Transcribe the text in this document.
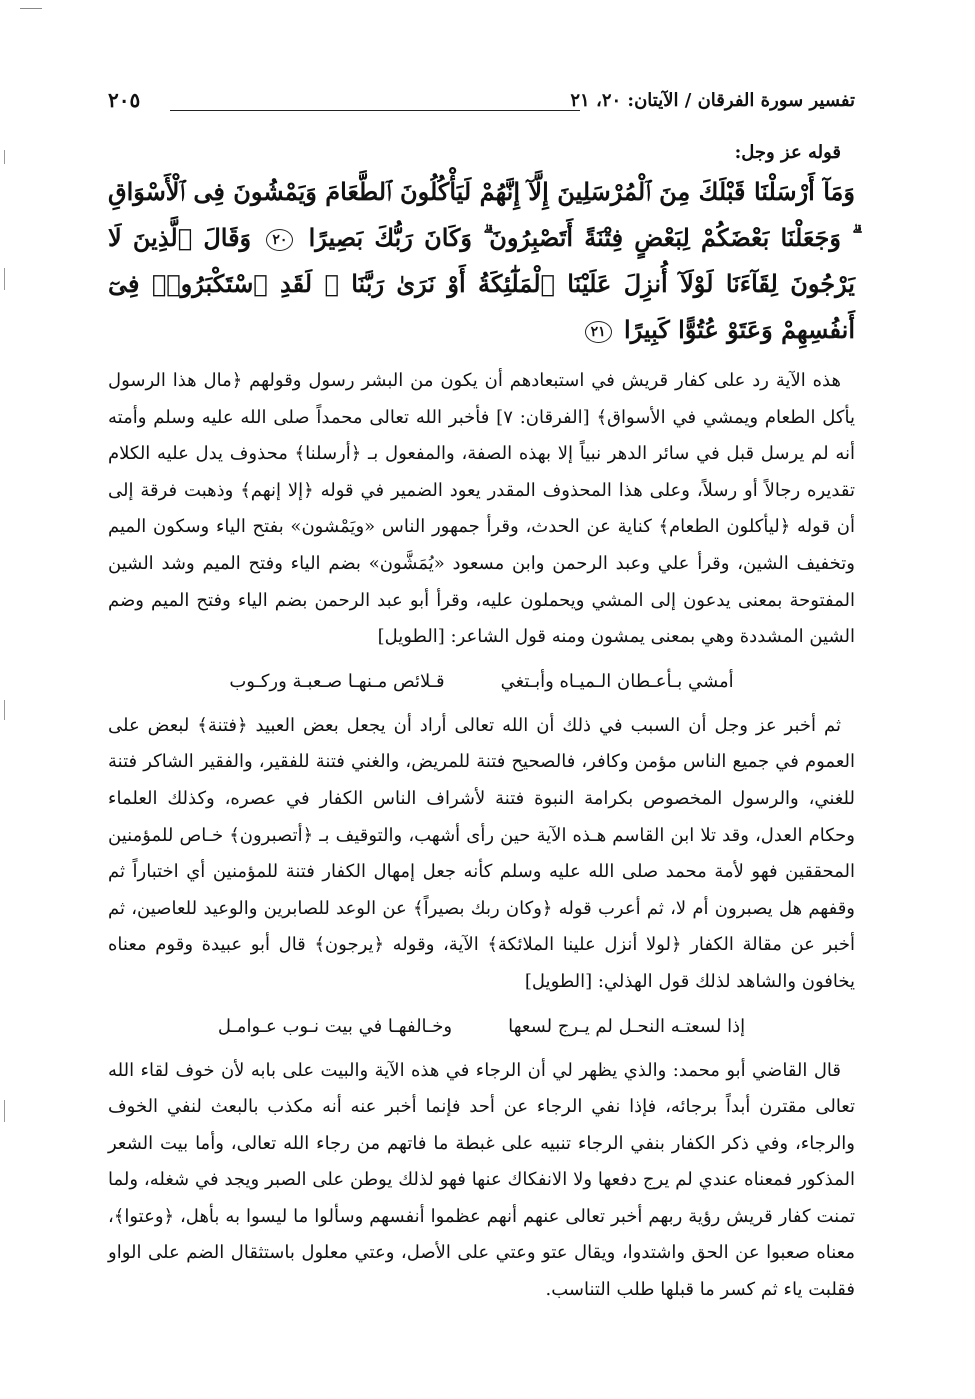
تفسير سورة الفرقان / الآيتان: ٢٠، ٢١
٢٠٥

قوله عز وجل:

وَمَآ أَرْسَلْنَا قَبْلَكَ مِنَ ٱلْمُرْسَلِينَ إِلَّآ إِنَّهُمْ لَيَأْكُلُونَ ٱلطَّعَامَ وَيَمْشُونَ فِى ٱلْأَسْوَاقِ ۗ وَجَعَلْنَا بَعْضَكُمْ لِبَعْضٍ فِتْنَةً أَتَصْبِرُونَ ۗ وَكَانَ رَبُّكَ بَصِيرًا ٢٠ وَقَالَ ٱلَّذِينَ لَا يَرْجُونَ لِقَآءَنَا لَوْلَآ أُنزِلَ عَلَيْنَا ٱلْمَلَٰٓئِكَةُ أَوْ نَرَىٰ رَبَّنَا ۗ لَقَدِ ٱسْتَكْبَرُوا۟ فِىٓ أَنفُسِهِمْ وَعَتَوْ عُتُوًّا كَبِيرًا ٢١

هذه الآية رد على كفار قريش في استبعادهم أن يكون من البشر رسول وقولهم ﴿مال هذا الرسول يأكل الطعام ويمشي في الأسواق﴾ [الفرقان: ٧] فأخبر الله تعالى محمداً صلى الله عليه وسلم وأمته أنه لم يرسل قبل في سائر الدهر نبياً إلا بهذه الصفة، والمفعول بـ ﴿أرسلنا﴾ محذوف يدل عليه الكلام تقديره رجالاً أو رسلاً، وعلى هذا المحذوف المقدر يعود الضمير في قوله ﴿إلا إنهم﴾ وذهبت فرقة إلى أن قوله ﴿ليأكلون الطعام﴾ كناية عن الحدث، وقرأ جمهور الناس «ويَمْشون» بفتح الياء وسكون الميم وتخفيف الشين، وقرأ علي وعبد الرحمن وابن مسعود «يُمَشَّون» بضم الياء وفتح الميم وشد الشين المفتوحة بمعنى يدعون إلى المشي ويحملون عليه، وقرأ أبو عبد الرحمن بضم الياء وفتح الميم وضم الشين المشددة وهي بمعنى يمشون ومنه قول الشاعر: [الطويل]

أمشي بـأعـطان الـميـاه وأبـتغي
قـلائص مـنهـا صـعبـة وركـوب

ثم أخبر عز وجل أن السبب في ذلك أن الله تعالى أراد أن يجعل بعض العبيد ﴿فتنة﴾ لبعض على العموم في جميع الناس مؤمن وكافر، فالصحيح فتنة للمريض، والغني فتنة للفقير، والفقير الشاكر فتنة للغني، والرسول المخصوص بكرامة النبوة فتنة لأشراف الناس الكفار في عصره، وكذلك العلماء وحكام العدل، وقد تلا ابن القاسم هـذه الآية حين رأى أشهب، والتوقيف بـ ﴿أتصبرون﴾ خـاص للمؤمنين المحققين فهو لأمة محمد صلى الله عليه وسلم كأنه جعل إمهال الكفار فتنة للمؤمنين أي اختباراً ثم وقفهم هل يصبرون أم لا، ثم أعرب قوله ﴿وكان ربك بصيراً﴾ عن الوعد للصابرين والوعيد للعاصين، ثم أخبر عن مقالة الكفار ﴿لولا أنزل علينا الملائكة﴾ الآية، وقوله ﴿يرجون﴾ قال أبو عبيدة وقوم معناه يخافون والشاهد لذلك قول الهذلي: [الطويل]

إذا لسعتـه النحـل لم يـرج لسعها
وخـالفهـا في بيت نـوب عـوامـل

قال القاضي أبو محمد: والذي يظهر لي أن الرجاء في هذه الآية والبيت على بابه لأن خوف لقاء الله تعالى مقترن أبداً برجائه، فإذا نفي الرجاء عن أحد فإنما أخبر عنه أنه مكذب بالبعث لنفي الخوف والرجاء، وفي ذكر الكفار بنفي الرجاء تنبيه على غبطة ما فاتهم من رجاء الله تعالى، وأما بيت الشعر المذكور فمعناه عندي لم يرج دفعها ولا الانفكاك عنها فهو لذلك يوطن على الصبر ويجد في شغله، ولما تمنت كفار قريش رؤية ربهم أخبر تعالى عنهم أنهم عظموا أنفسهم وسألوا ما ليسوا به بأهل، ﴿وعتوا﴾، معناه صعبوا عن الحق واشتدوا، ويقال عتو وعتي على الأصل، وعتي معلول باستثقال الضم على الواو فقلبت ياء ثم كسر ما قبلها طلب التناسب.
